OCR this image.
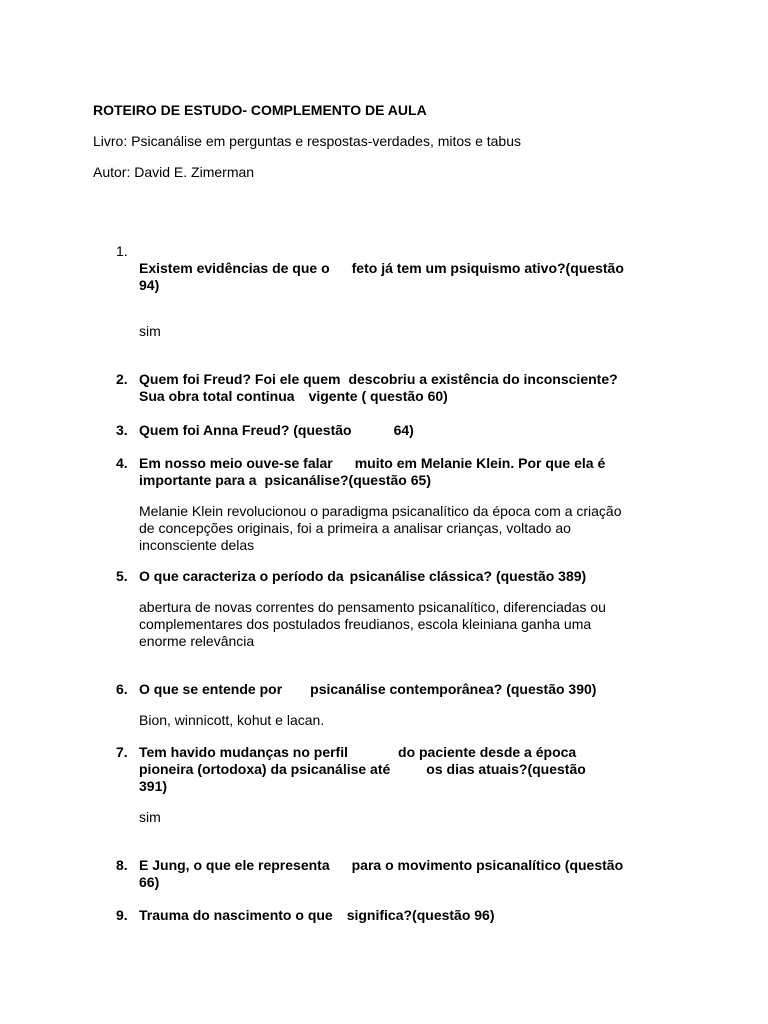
ROTEIRO DE ESTUDO- COMPLEMENTO DE AULA

Livro: Psicanálise em perguntas e respostas-verdades, mitos e tabus

Autor: David E. Zimerman

1.

Existem evidências de que o feto já tem um psiquismo ativo?(questão

94)

sim

2. Quem foi Freud? Foi ele quem descobriu a existência do inconsciente?

Sua obra total continua vigente ( questão 60)

3. Quem foi Anna Freud? (questão	64)

4. Em nosso meio ouve-se falar muito em Melanie Klein. Por que ela é

importante para a psicanálise?(questão 65)

Melanie Klein revolucionou o paradigma psicanalítico da época com a criação

de concepções originais, foi a primeira a analisar crianças, voltado ao

inconsciente delas

5. O que caracteriza o período da psicanálise clássica? (questão 389)

abertura de novas correntes do pensamento psicanalítico, diferenciadas ou

complementares dos postulados freudianos, escola kleiniana ganha uma

enorme relevância

6. O que se entende por psicanálise contemporânea? (questão 390)

Bion, winnicott, kohut e lacan.

7. Tem havido mudanças no perfil	do paciente desde a época

pioneira (ortodoxa) da psicanálise até	os dias atuais?(questão

391)

sim

8. E Jung, o que ele representa para o movimento psicanalítico (questão

66)

9. Trauma do nascimento o que significa?(questão 96)
